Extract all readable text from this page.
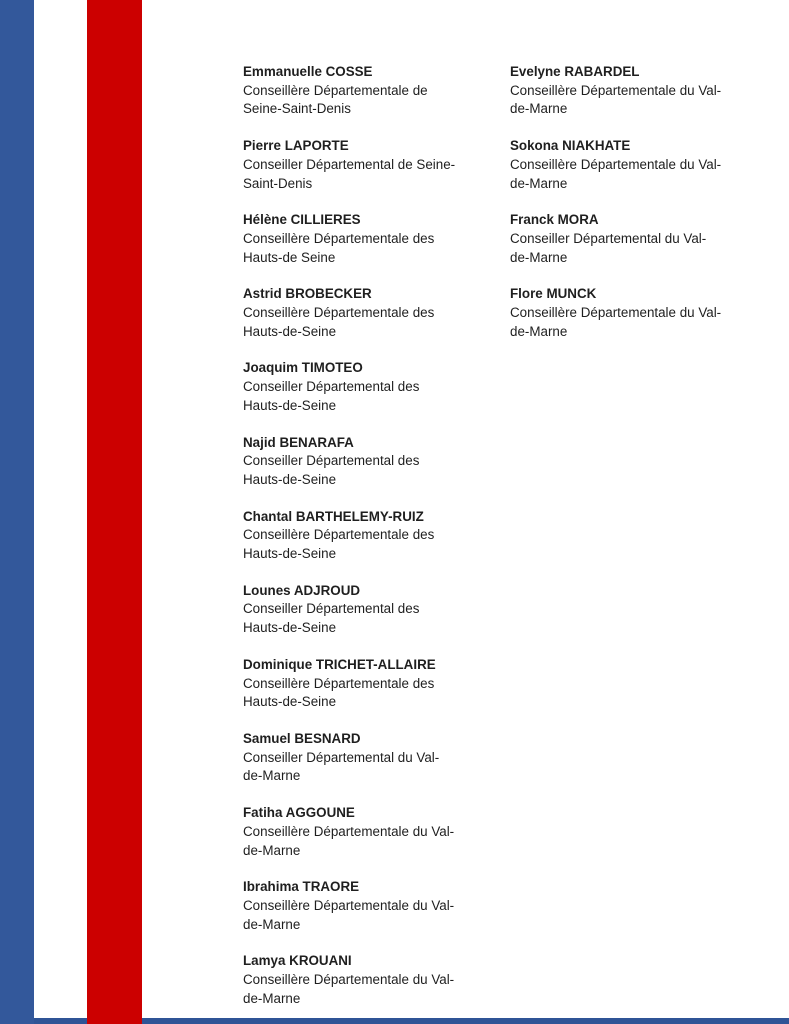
Emmanuelle COSSE
Conseillère Départementale de
Seine-Saint-Denis
Pierre LAPORTE
Conseiller Départemental de Seine-
Saint-Denis
Hélène CILLIERES
Conseillère Départementale des
Hauts-de Seine
Astrid BROBECKER
Conseillère Départementale des
Hauts-de-Seine
Joaquim TIMOTEO
Conseiller Départemental des
Hauts-de-Seine
Najid BENARAFA
Conseiller Départemental des
Hauts-de-Seine
Chantal BARTHELEMY-RUIZ
Conseillère Départementale des
Hauts-de-Seine
Lounes ADJROUD
Conseiller Départemental des
Hauts-de-Seine
Dominique TRICHET-ALLAIRE
Conseillère Départementale des
Hauts-de-Seine
Samuel BESNARD
Conseiller Départemental du Val-
de-Marne
Fatiha AGGOUNE
Conseillère Départementale du Val-
de-Marne
Ibrahima TRAORE
Conseillère Départementale du Val-
de-Marne
Lamya KROUANI
Conseillère Départementale du Val-
de-Marne
Evelyne RABARDEL
Conseillère Départementale du Val-
de-Marne
Sokona NIAKHATE
Conseillère Départementale du Val-
de-Marne
Franck MORA
Conseiller Départemental du Val-
de-Marne
Flore MUNCK
Conseillère Départementale du Val-
de-Marne
